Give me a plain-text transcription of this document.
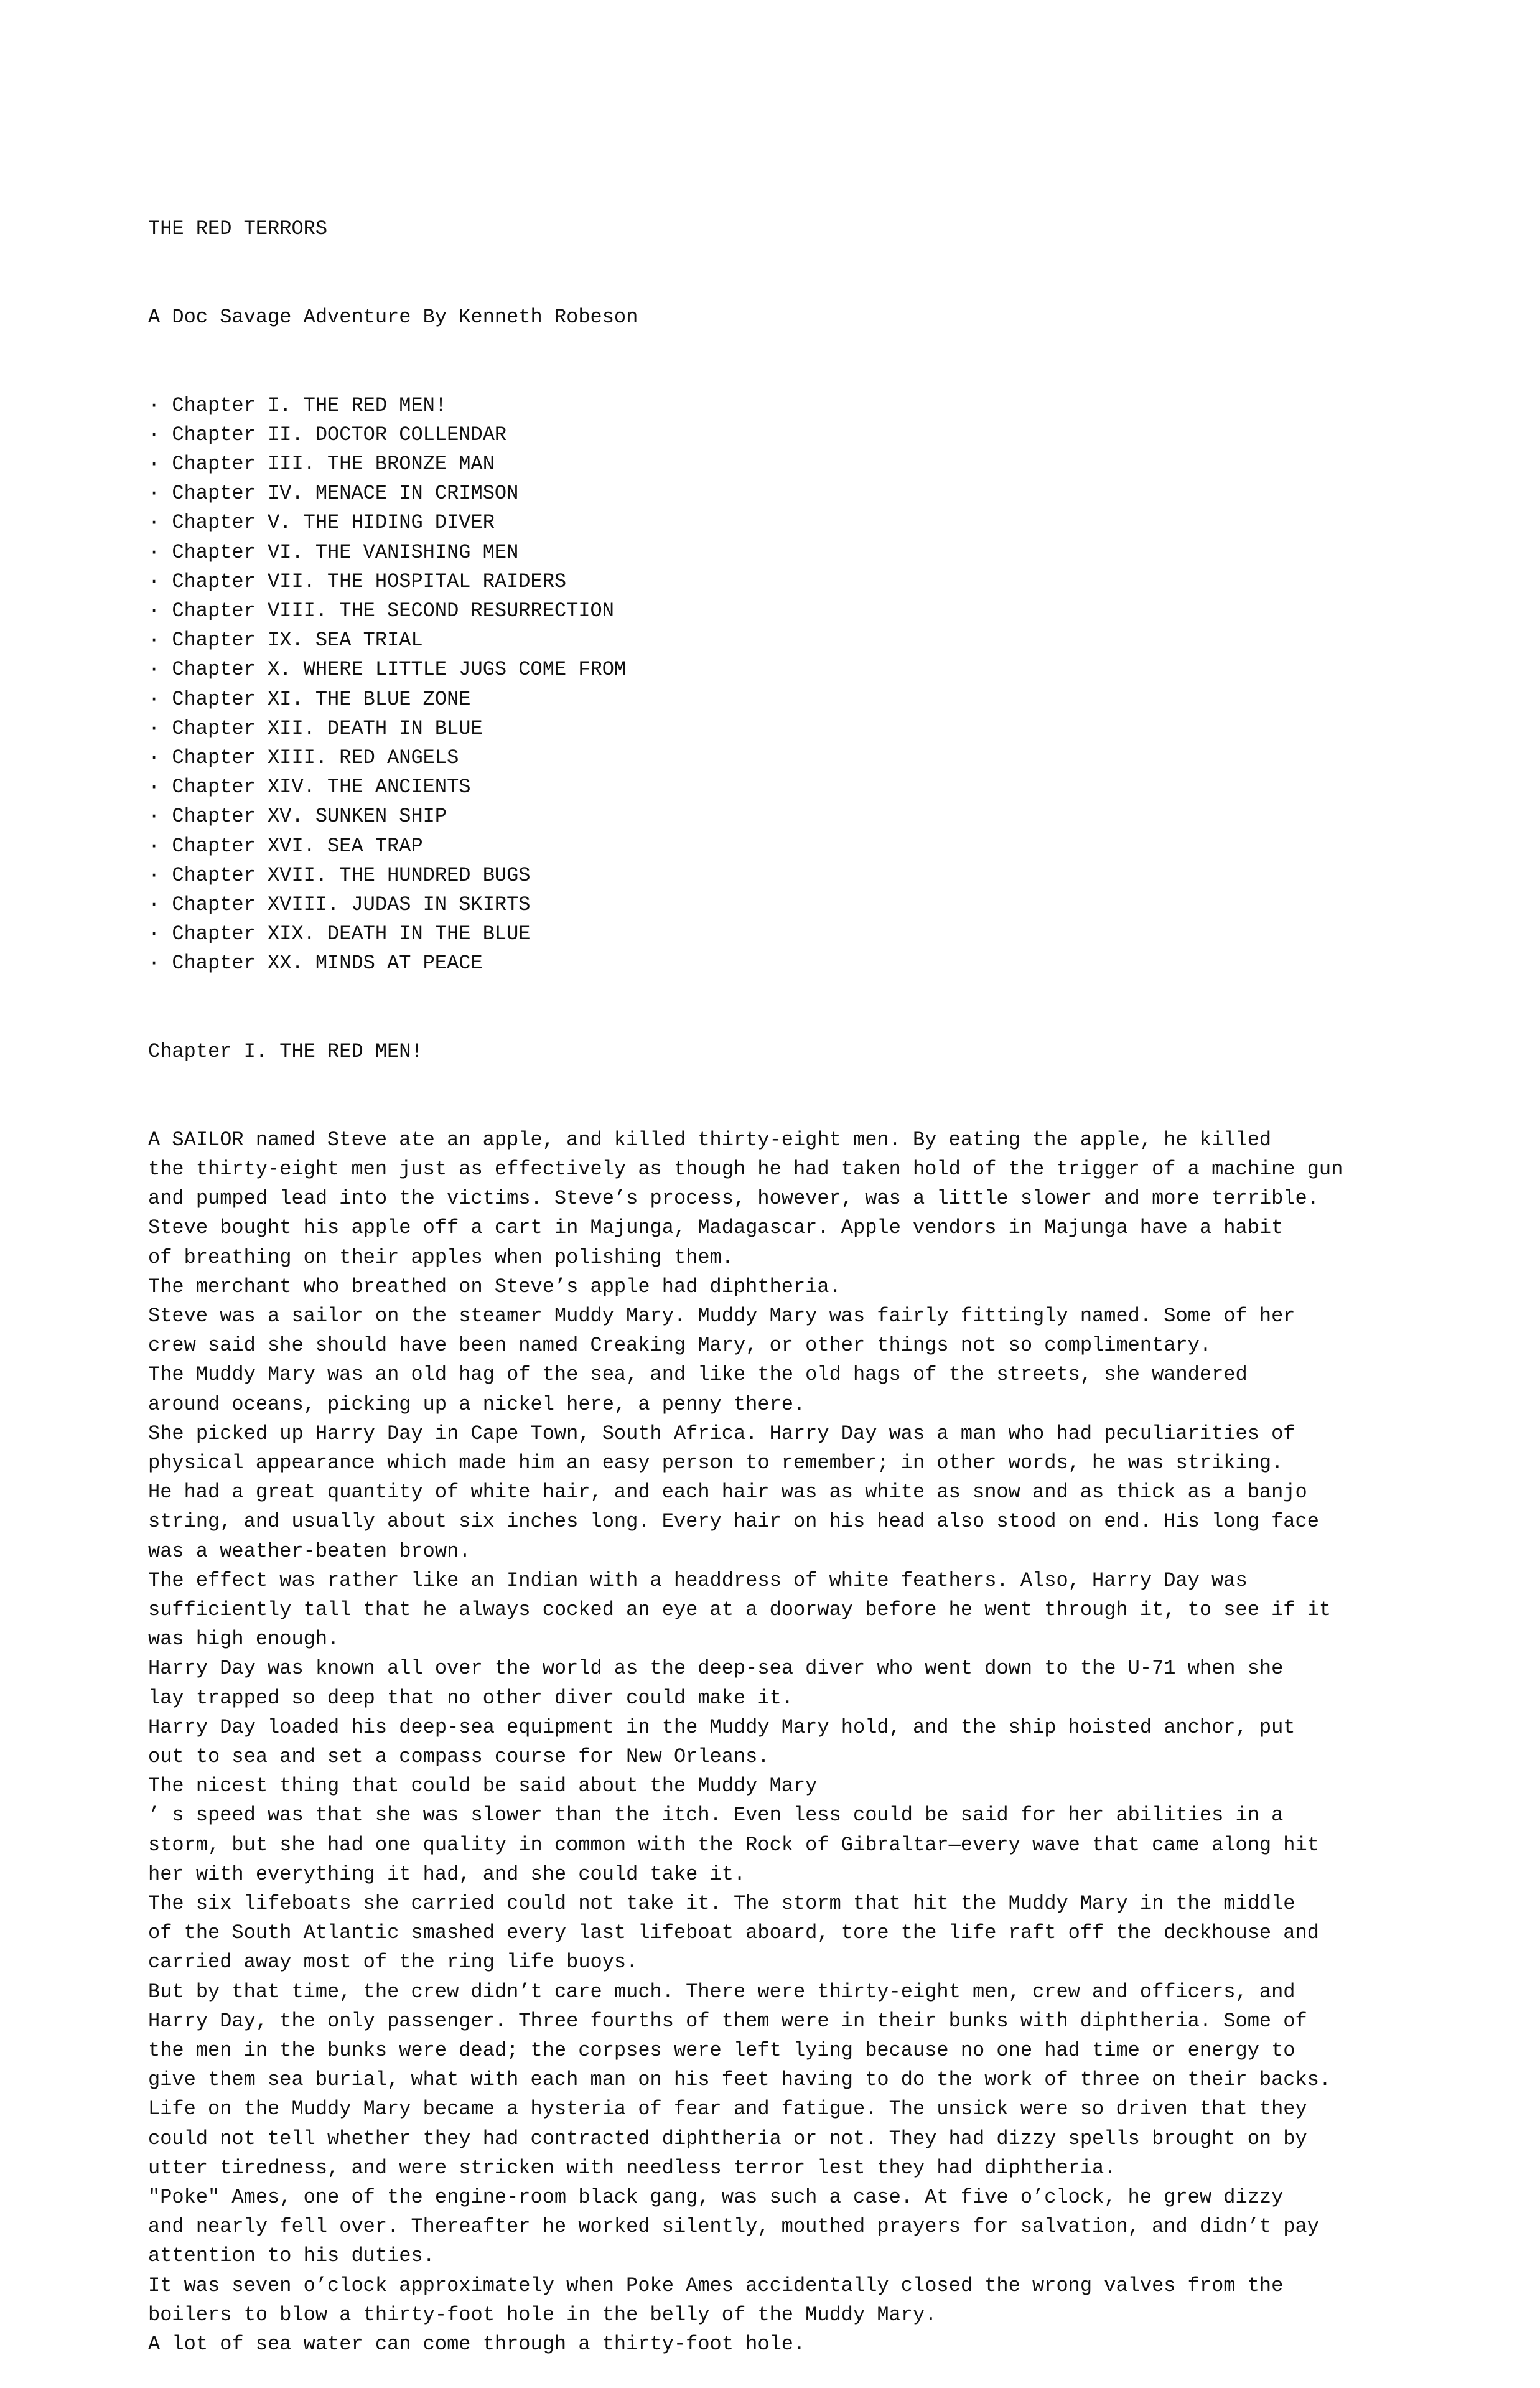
THE RED TERRORS

A Doc Savage Adventure By Kenneth Robeson

· Chapter I. THE RED MEN!
· Chapter II. DOCTOR COLLENDAR
· Chapter III. THE BRONZE MAN
· Chapter IV. MENACE IN CRIMSON
· Chapter V. THE HIDING DIVER
· Chapter VI. THE VANISHING MEN
· Chapter VII. THE HOSPITAL RAIDERS
· Chapter VIII. THE SECOND RESURRECTION
· Chapter IX. SEA TRIAL
· Chapter X. WHERE LITTLE JUGS COME FROM
· Chapter XI. THE BLUE ZONE
· Chapter XII. DEATH IN BLUE
· Chapter XIII. RED ANGELS
· Chapter XIV. THE ANCIENTS
· Chapter XV. SUNKEN SHIP
· Chapter XVI. SEA TRAP
· Chapter XVII. THE HUNDRED BUGS
· Chapter XVIII. JUDAS IN SKIRTS
· Chapter XIX. DEATH IN THE BLUE
· Chapter XX. MINDS AT PEACE

Chapter I. THE RED MEN!

A SAILOR named Steve ate an apple, and killed thirty-eight men. By eating the apple, he killed
the thirty-eight men just as effectively as though he had taken hold of the trigger of a machine gun
and pumped lead into the victims. Steve’s process, however, was a little slower and more terrible.
Steve bought his apple off a cart in Majunga, Madagascar. Apple vendors in Majunga have a habit
of breathing on their apples when polishing them.
The merchant who breathed on Steve’s apple had diphtheria.
Steve was a sailor on the steamer Muddy Mary. Muddy Mary was fairly fittingly named. Some of her
crew said she should have been named Creaking Mary, or other things not so complimentary.
The Muddy Mary was an old hag of the sea, and like the old hags of the streets, she wandered
around oceans, picking up a nickel here, a penny there.
She picked up Harry Day in Cape Town, South Africa. Harry Day was a man who had peculiarities of
physical appearance which made him an easy person to remember; in other words, he was striking.
He had a great quantity of white hair, and each hair was as white as snow and as thick as a banjo
string, and usually about six inches long. Every hair on his head also stood on end. His long face
was a weather-beaten brown.
The effect was rather like an Indian with a headdress of white feathers. Also, Harry Day was
sufficiently tall that he always cocked an eye at a doorway before he went through it, to see if it
was high enough.
Harry Day was known all over the world as the deep-sea diver who went down to the U-71 when she
lay trapped so deep that no other diver could make it.
Harry Day loaded his deep-sea equipment in the Muddy Mary hold, and the ship hoisted anchor, put
out to sea and set a compass course for New Orleans.
The nicest thing that could be said about the Muddy Mary
’ s speed was that she was slower than the itch. Even less could be said for her abilities in a
storm, but she had one quality in common with the Rock of Gibraltar—every wave that came along hit
her with everything it had, and she could take it.
The six lifeboats she carried could not take it. The storm that hit the Muddy Mary in the middle
of the South Atlantic smashed every last lifeboat aboard, tore the life raft off the deckhouse and
carried away most of the ring life buoys.
But by that time, the crew didn’t care much. There were thirty-eight men, crew and officers, and
Harry Day, the only passenger. Three fourths of them were in their bunks with diphtheria. Some of
the men in the bunks were dead; the corpses were left lying because no one had time or energy to
give them sea burial, what with each man on his feet having to do the work of three on their backs.
Life on the Muddy Mary became a hysteria of fear and fatigue. The unsick were so driven that they
could not tell whether they had contracted diphtheria or not. They had dizzy spells brought on by
utter tiredness, and were stricken with needless terror lest they had diphtheria.
"Poke" Ames, one of the engine-room black gang, was such a case. At five o’clock, he grew dizzy
and nearly fell over. Thereafter he worked silently, mouthed prayers for salvation, and didn’t pay
attention to his duties.
It was seven o’clock approximately when Poke Ames accidentally closed the wrong valves from the
boilers to blow a thirty-foot hole in the belly of the Muddy Mary.
A lot of sea water can come through a thirty-foot hole.
